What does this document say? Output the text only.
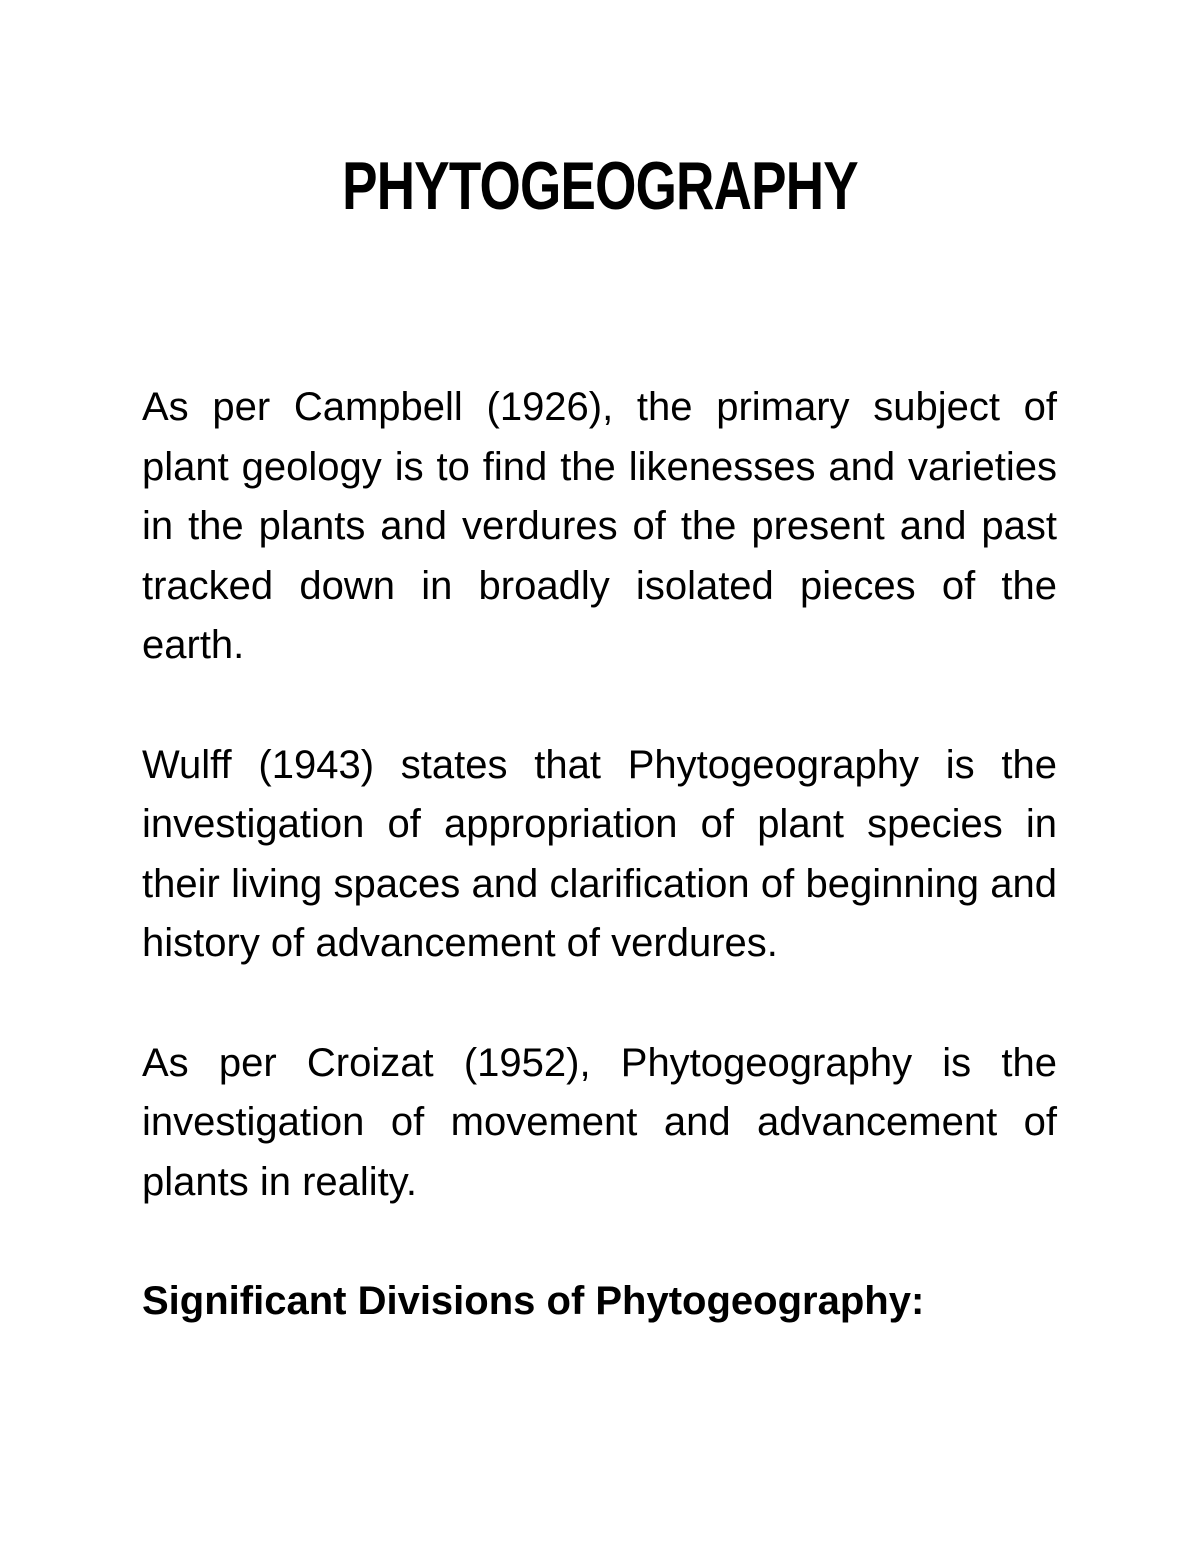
PHYTOGEOGRAPHY

As per Campbell (1926), the primary subject of plant geology is to find the likenesses and varieties in the plants and verdures of the present and past tracked down in broadly isolated pieces of the earth.

Wulff (1943) states that Phytogeography is the investigation of appropriation of plant species in their living spaces and clarification of beginning and history of advancement of verdures.

As per Croizat (1952), Phytogeography is the investigation of movement and advancement of plants in reality.

Significant Divisions of Phytogeography:
